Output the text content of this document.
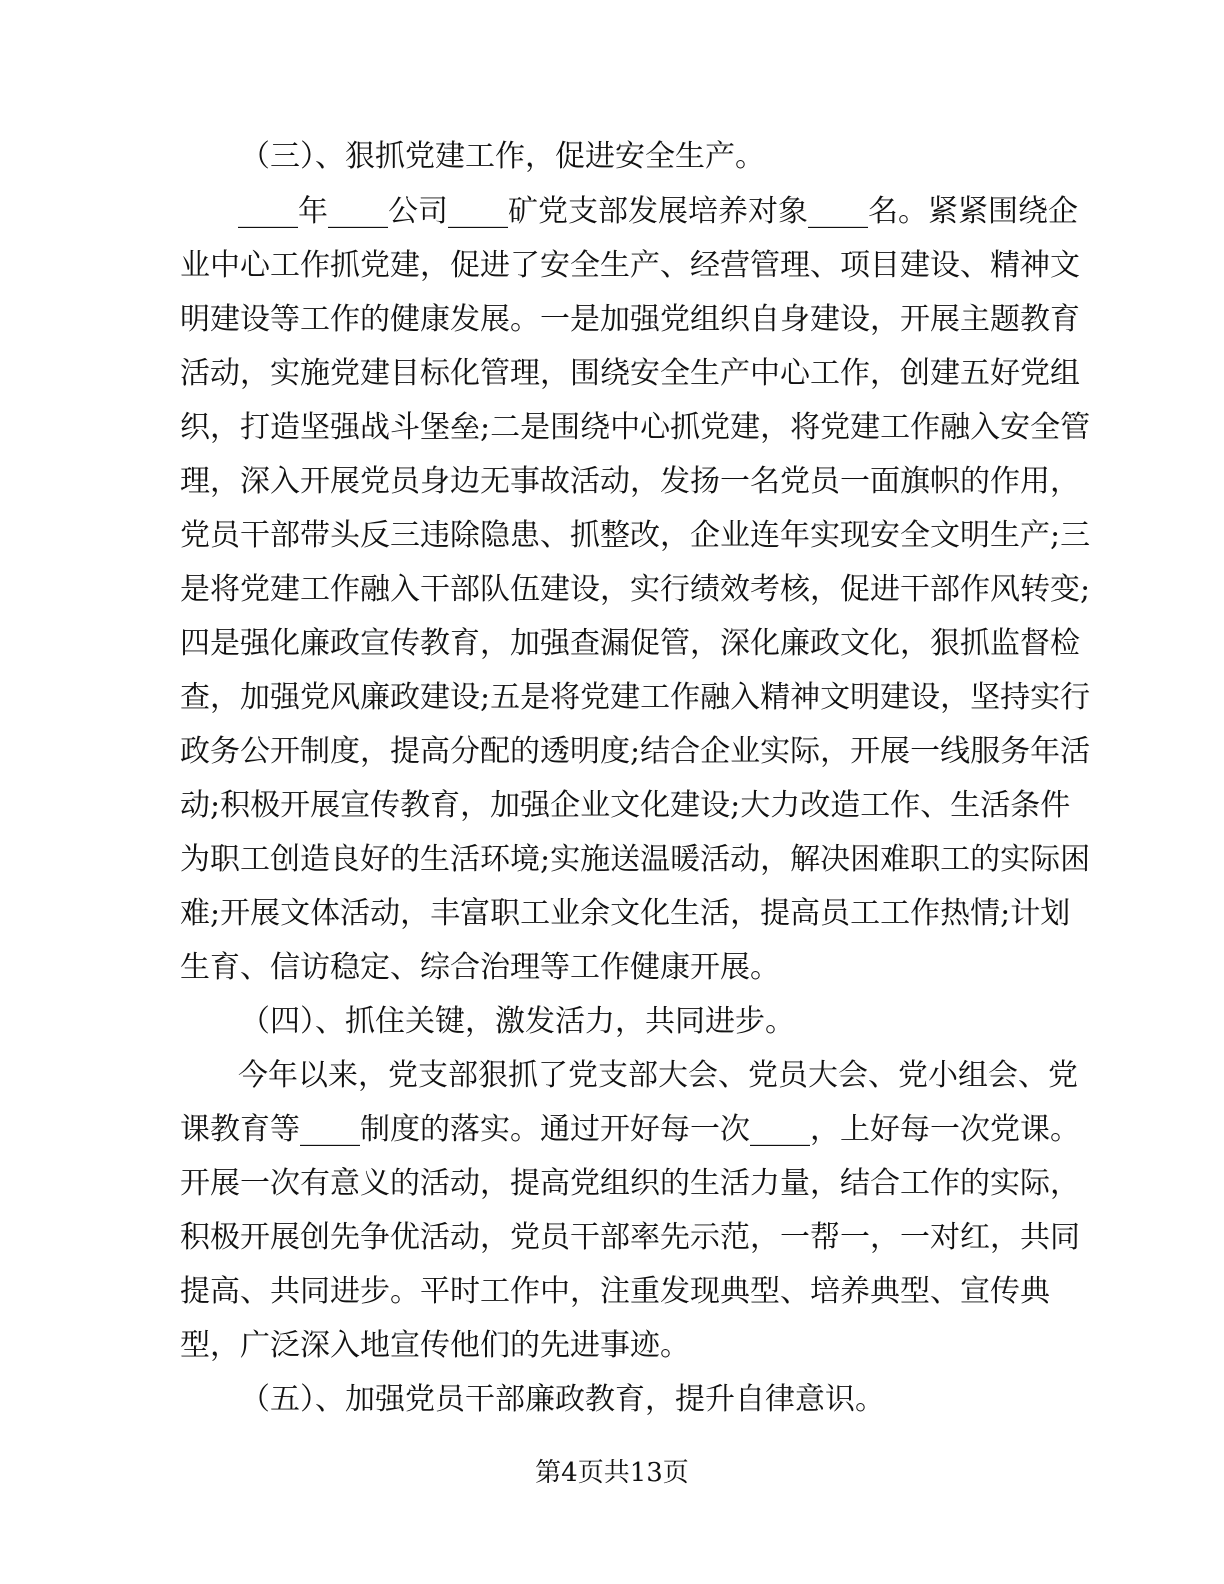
（三）、狠抓党建工作，促进安全生产。
____年____公司____矿党支部发展培养对象____名。紧紧围绕企
业中心工作抓党建，促进了安全生产、经营管理、项目建设、精神文
明建设等工作的健康发展。一是加强党组织自身建设，开展主题教育
活动，实施党建目标化管理，围绕安全生产中心工作，创建五好党组
织，打造坚强战斗堡垒;二是围绕中心抓党建，将党建工作融入安全管
理，深入开展党员身边无事故活动，发扬一名党员一面旗帜的作用，
党员干部带头反三违除隐患、抓整改，企业连年实现安全文明生产;三
是将党建工作融入干部队伍建设，实行绩效考核，促进干部作风转变;
四是强化廉政宣传教育，加强查漏促管，深化廉政文化，狠抓监督检
查，加强党风廉政建设;五是将党建工作融入精神文明建设，坚持实行
政务公开制度，提高分配的透明度;结合企业实际，开展一线服务年活
动;积极开展宣传教育，加强企业文化建设;大力改造工作、生活条件
为职工创造良好的生活环境;实施送温暖活动，解决困难职工的实际困
难;开展文体活动，丰富职工业余文化生活，提高员工工作热情;计划
生育、信访稳定、综合治理等工作健康开展。
（四）、抓住关键，激发活力，共同进步。
今年以来，党支部狠抓了党支部大会、党员大会、党小组会、党
课教育等____制度的落实。通过开好每一次____，上好每一次党课。
开展一次有意义的活动，提高党组织的生活力量，结合工作的实际，
积极开展创先争优活动，党员干部率先示范，一帮一，一对红，共同
提高、共同进步。平时工作中，注重发现典型、培养典型、宣传典
型，广泛深入地宣传他们的先进事迹。
（五）、加强党员干部廉政教育，提升自律意识。
第4页共13页
